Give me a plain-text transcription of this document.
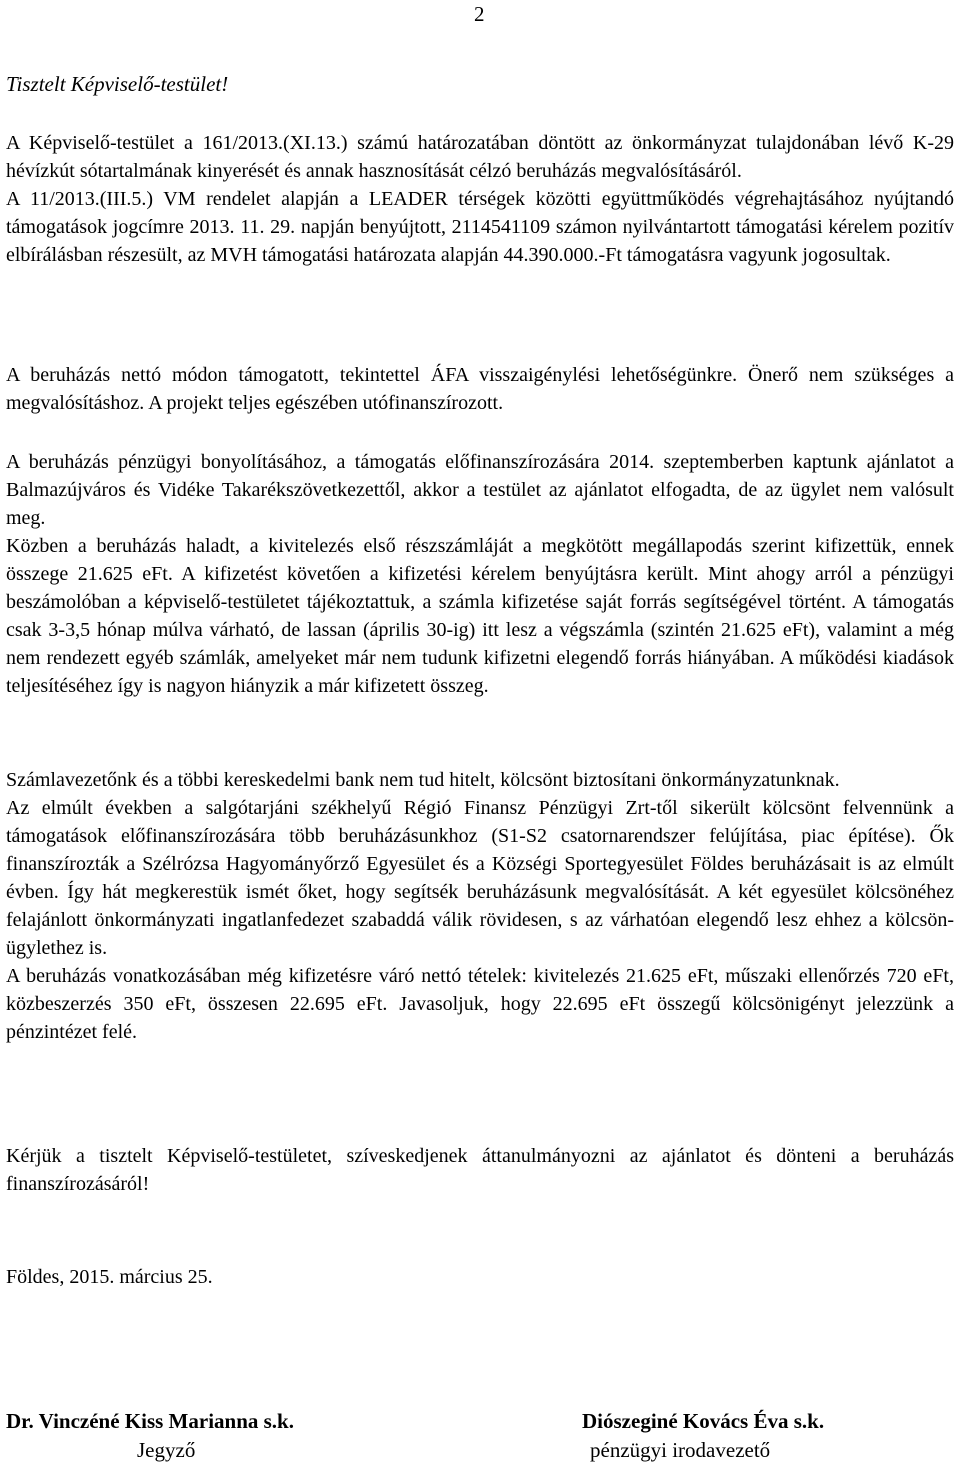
2
Tisztelt Képviselő-testület!

A Képviselő-testület a 161/2013.(XI.13.) számú határozatában döntött az önkormányzat tulajdonában lévő K-29 hévízkút sótartalmának kinyerését és annak hasznosítását célzó beruházás megvalósításáról.

A 11/2013.(III.5.) VM rendelet alapján a LEADER térségek közötti együttműködés végrehajtásához nyújtandó támogatások jogcímre 2013. 11. 29. napján benyújtott, 2114541109 számon nyilvántartott támogatási kérelem pozitív elbírálásban részesült, az MVH támogatási határozata alapján 44.390.000.-Ft támogatásra vagyunk jogosultak.

A beruházás nettó módon támogatott, tekintettel ÁFA visszaigénylési lehetőségünkre. Önerő nem szükséges a megvalósításhoz. A projekt teljes egészében utófinanszírozott.

A beruházás pénzügyi bonyolításához, a támogatás előfinanszírozására 2014. szeptemberben kaptunk ajánlatot a Balmazújváros és Vidéke Takarékszövetkezettől, akkor a testület az ajánlatot elfogadta, de az ügylet nem valósult meg.

Közben a beruházás haladt, a kivitelezés első részszámláját a megkötött megállapodás szerint kifizettük, ennek összege 21.625 eFt. A kifizetést követően a kifizetési kérelem benyújtásra került. Mint ahogy arról a pénzügyi beszámolóban a képviselő-testületet tájékoztattuk, a számla kifizetése saját forrás segítségével történt. A támogatás csak 3-3,5 hónap múlva várható, de lassan (április 30-ig) itt lesz a végszámla (szintén 21.625 eFt), valamint a még nem rendezett egyéb számlák, amelyeket már nem tudunk kifizetni elegendő forrás hiányában. A működési kiadások teljesítéséhez így is nagyon hiányzik a már kifizetett összeg.

Számlavezetőnk és a többi kereskedelmi bank nem tud hitelt, kölcsönt biztosítani önkormányzatunknak.

Az elmúlt években a salgótarjáni székhelyű Régió Finansz Pénzügyi Zrt-től sikerült kölcsönt felvennünk a támogatások előfinanszírozására több beruházásunkhoz (S1-S2 csatornarendszer felújítása, piac építése). Ők finanszírozták a Szélrózsa Hagyományőrző Egyesület és a Községi Sportegyesület Földes beruházásait is az elmúlt évben. Így hát megkerestük ismét őket, hogy segítsék beruházásunk megvalósítását. A két egyesület kölcsönéhez felajánlott önkormányzati ingatlanfedezet szabaddá válik rövidesen, s az várhatóan elegendő lesz ehhez a kölcsön-ügylethez is.

A beruházás vonatkozásában még kifizetésre váró nettó tételek: kivitelezés 21.625 eFt, műszaki ellenőrzés 720 eFt, közbeszerzés 350 eFt, összesen 22.695 eFt. Javasoljuk, hogy 22.695 eFt összegű kölcsönigényt jelezzünk a pénzintézet felé.

Kérjük a tisztelt Képviselő-testületet, szíveskedjenek áttanulmányozni az ajánlatot és dönteni a beruházás finanszírozásáról!

Földes, 2015. március 25.
Dr. Vinczéné Kiss Marianna s.k.
Jegyző
Diószeginé Kovács Éva s.k.
pénzügyi irodavezető
